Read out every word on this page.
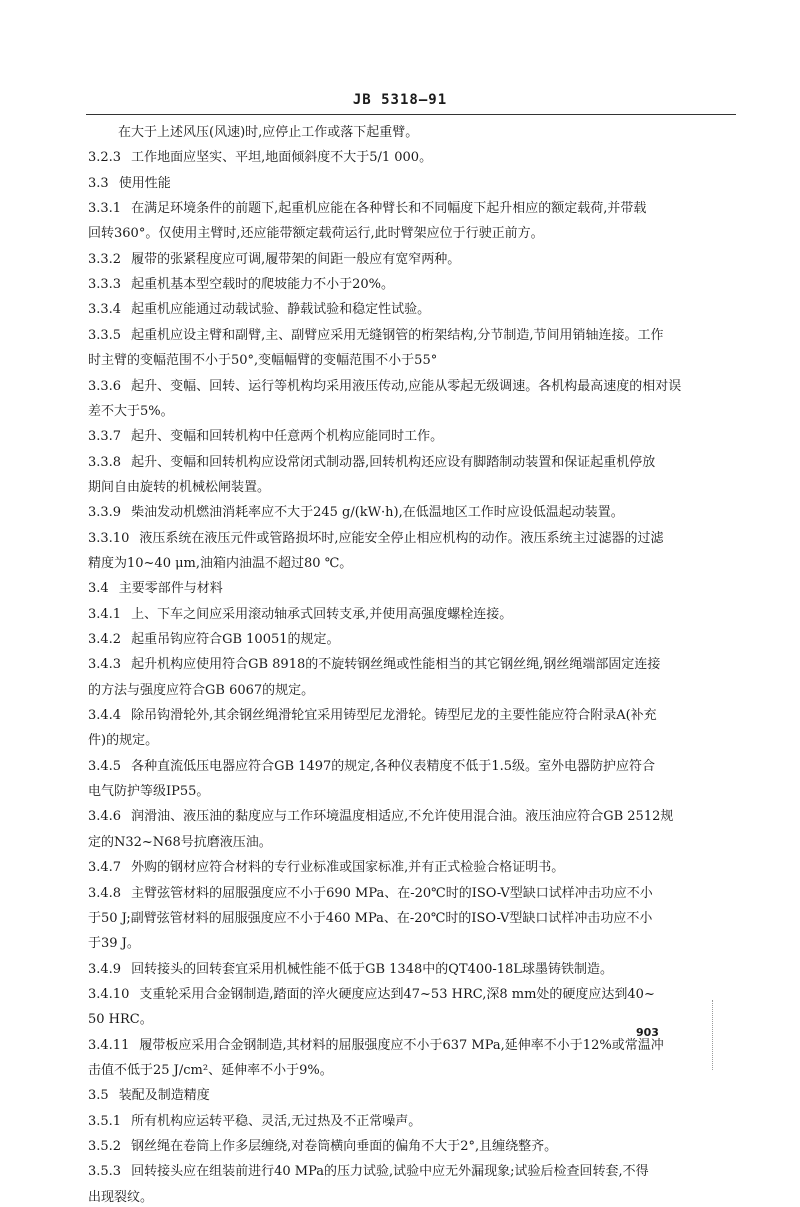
JB 5318—91
在大于上述风压(风速)时,应停止工作或落下起重臂。
3.2.3 工作地面应坚实、平坦,地面倾斜度不大于5/1 000。
3.3 使用性能
3.3.1 在满足环境条件的前题下,起重机应能在各种臂长和不同幅度下起升相应的额定载荷,并带载
回转360°。仅使用主臂时,还应能带额定载荷运行,此时臂架应位于行驶正前方。
3.3.2 履带的张紧程度应可调,履带架的间距一般应有宽窄两种。
3.3.3 起重机基本型空载时的爬坡能力不小于20%。
3.3.4 起重机应能通过动载试验、静载试验和稳定性试验。
3.3.5 起重机应设主臂和副臂,主、副臂应采用无缝钢管的桁架结构,分节制造,节间用销轴连接。工作
时主臂的变幅范围不小于50°,变幅幅臂的变幅范围不小于55°
3.3.6 起升、变幅、回转、运行等机构均采用液压传动,应能从零起无级调速。各机构最高速度的相对误
差不大于5%。
3.3.7 起升、变幅和回转机构中任意两个机构应能同时工作。
3.3.8 起升、变幅和回转机构应设常闭式制动器,回转机构还应设有脚踏制动装置和保证起重机停放
期间自由旋转的机械松闸装置。
3.3.9 柴油发动机燃油消耗率应不大于245 g/(kW·h),在低温地区工作时应设低温起动装置。
3.3.10 液压系统在液压元件或管路损坏时,应能安全停止相应机构的动作。液压系统主过滤器的过滤
精度为10~40 μm,油箱内油温不超过80 ℃。
3.4 主要零部件与材料
3.4.1 上、下车之间应采用滚动轴承式回转支承,并使用高强度螺栓连接。
3.4.2 起重吊钩应符合GB 10051的规定。
3.4.3 起升机构应使用符合GB 8918的不旋转钢丝绳或性能相当的其它钢丝绳,钢丝绳端部固定连接
的方法与强度应符合GB 6067的规定。
3.4.4 除吊钩滑轮外,其余钢丝绳滑轮宜采用铸型尼龙滑轮。铸型尼龙的主要性能应符合附录A(补充
件)的规定。
3.4.5 各种直流低压电器应符合GB 1497的规定,各种仪表精度不低于1.5级。室外电器防护应符合
电气防护等级IP55。
3.4.6 润滑油、液压油的黏度应与工作环境温度相适应,不允许使用混合油。液压油应符合GB 2512规
定的N32~N68号抗磨液压油。
3.4.7 外购的钢材应符合材料的专行业标准或国家标准,并有正式检验合格证明书。
3.4.8 主臂弦管材料的屈服强度应不小于690 MPa、在-20℃时的ISO-V型缺口试样冲击功应不小
于50 J;副臂弦管材料的屈服强度应不小于460 MPa、在-20℃时的ISO-V型缺口试样冲击功应不小
于39 J。
3.4.9 回转接头的回转套宜采用机械性能不低于GB 1348中的QT400-18L球墨铸铁制造。
3.4.10 支重轮采用合金钢制造,踏面的淬火硬度应达到47~53 HRC,深8 mm处的硬度应达到40~
50 HRC。
3.4.11 履带板应采用合金钢制造,其材料的屈服强度应不小于637 MPa,延伸率不小于12%或常温冲
击值不低于25 J/cm²、延伸率不小于9%。
3.5 装配及制造精度
3.5.1 所有机构应运转平稳、灵活,无过热及不正常噪声。
3.5.2 钢丝绳在卷筒上作多层缠绕,对卷筒横向垂面的偏角不大于2°,且缠绕整齐。
3.5.3 回转接头应在组装前进行40 MPa的压力试验,试验中应无外漏现象;试验后检查回转套,不得
出现裂纹。
903
